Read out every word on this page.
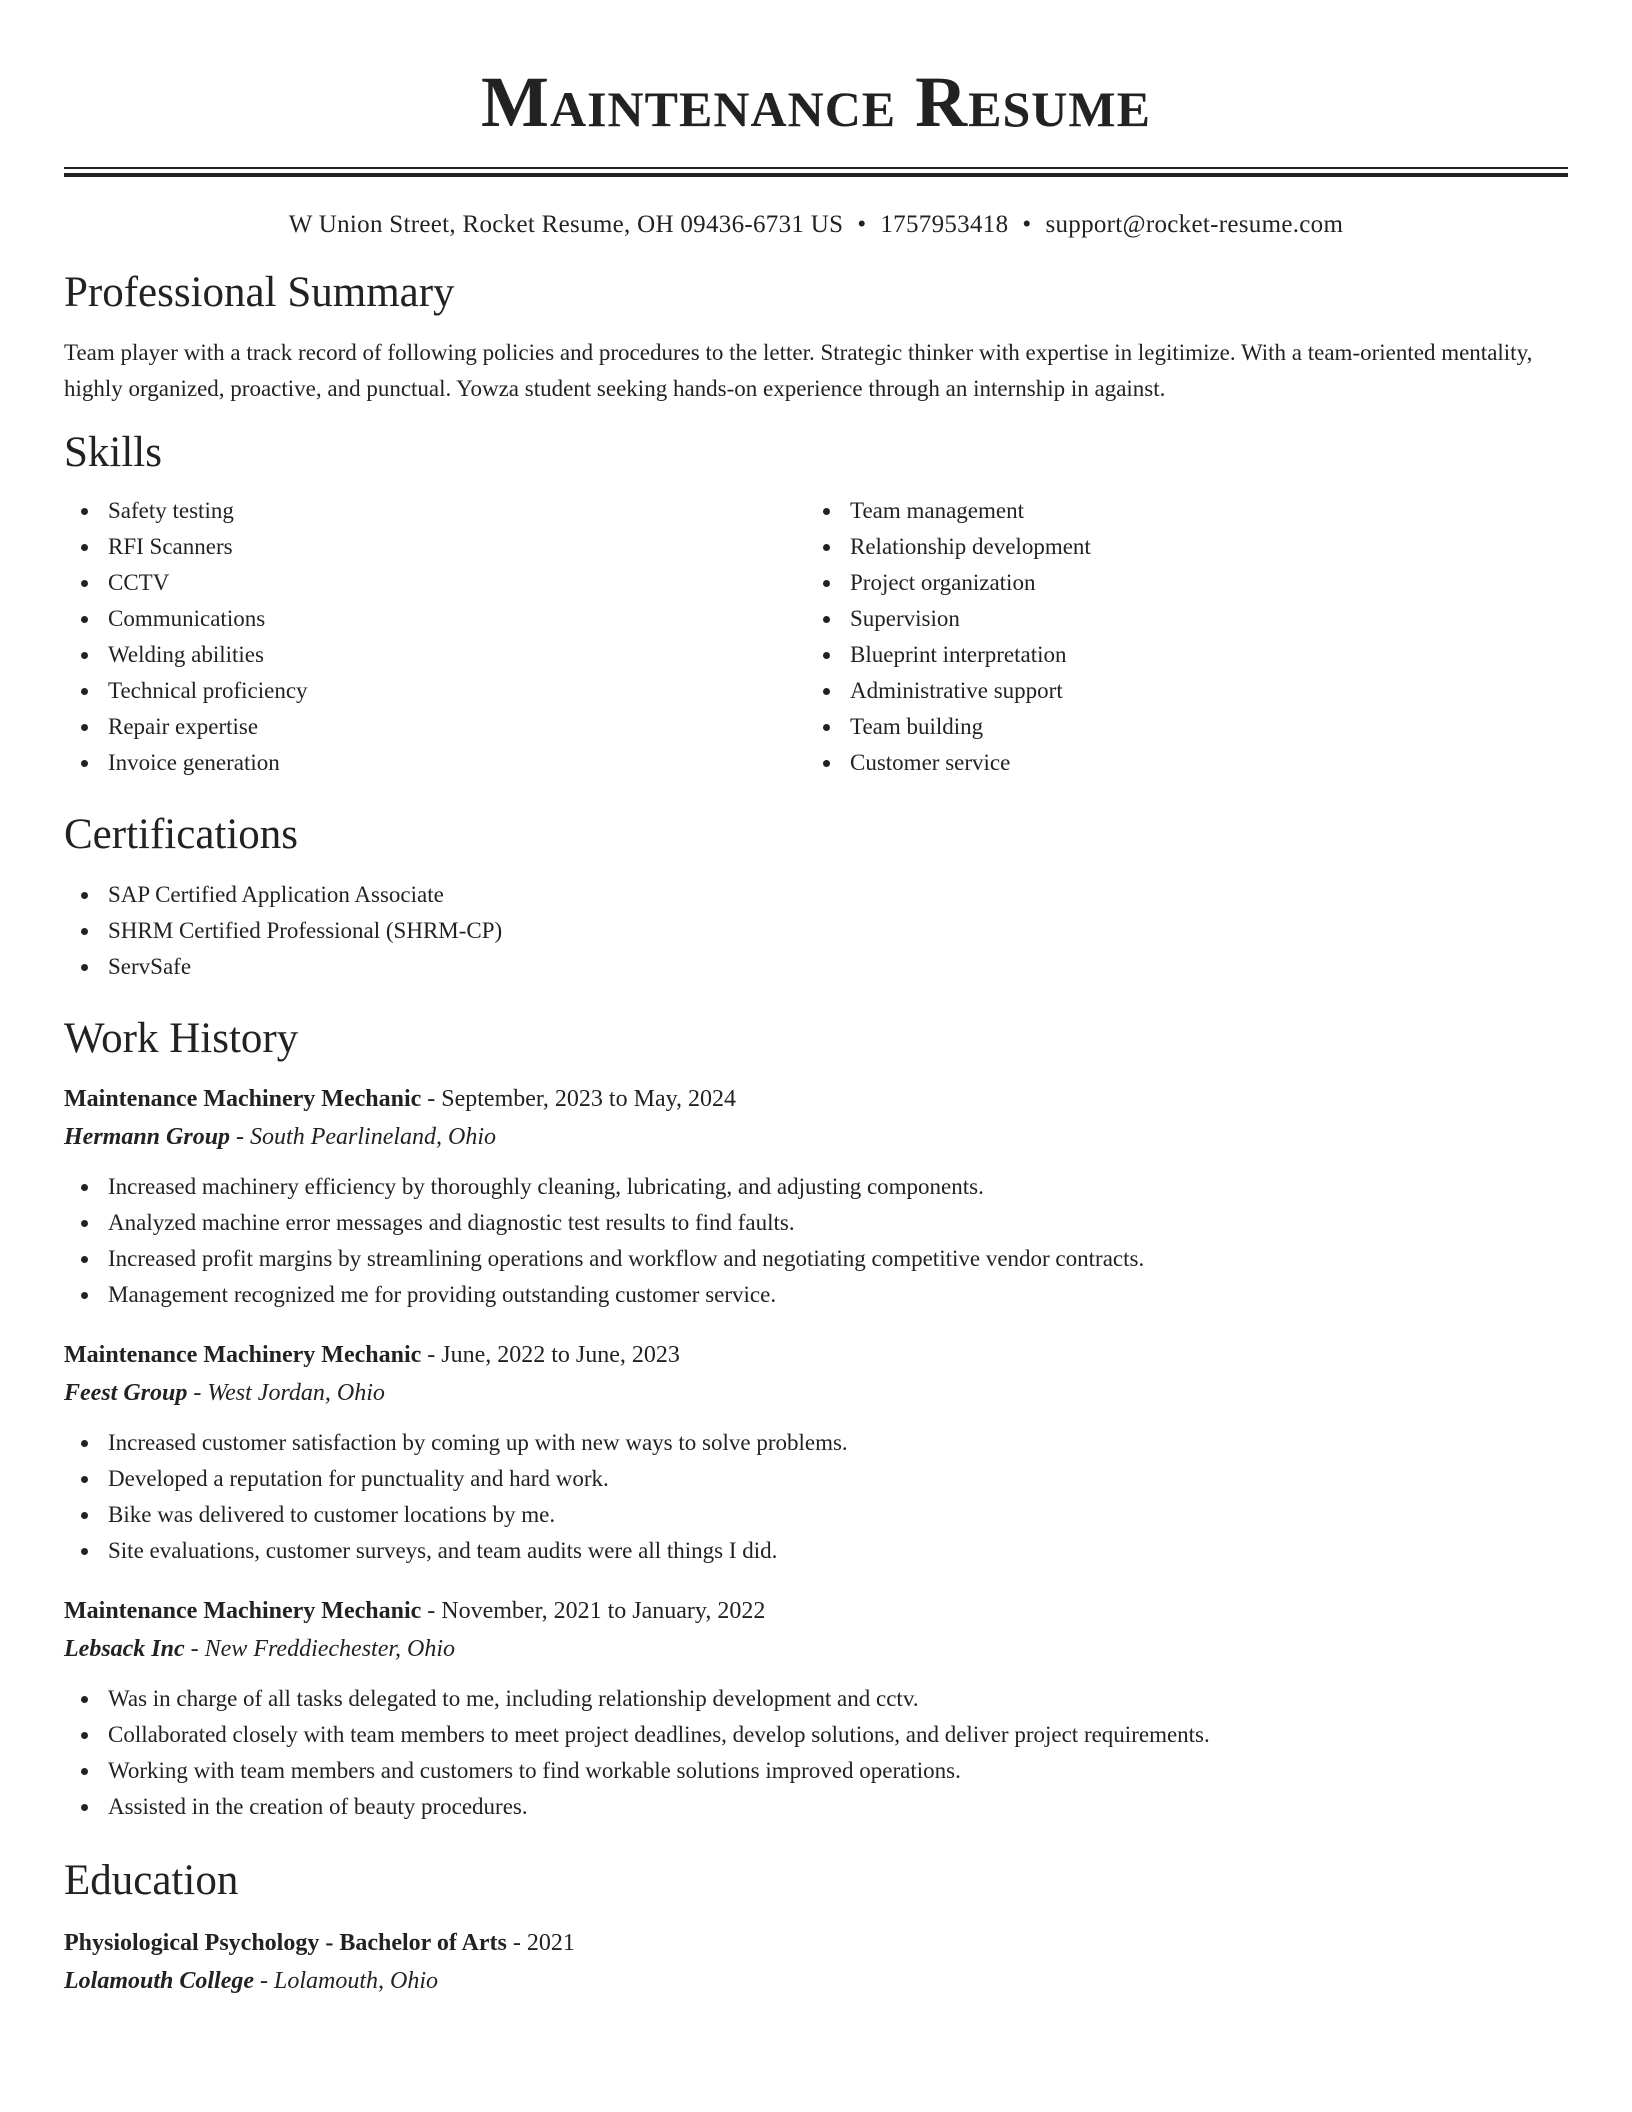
Maintenance Resume
W Union Street, Rocket Resume, OH 09436-6731 US • 1757953418 • support@rocket-resume.com
Professional Summary

Team player with a track record of following policies and procedures to the letter. Strategic thinker with expertise in legitimize. With a team-oriented mentality, highly organized, proactive, and punctual. Yowza student seeking hands-on experience through an internship in against.

Skills
Safety testing
RFI Scanners
CCTV
Communications
Welding abilities
Technical proficiency
Repair expertise
Invoice generation
Team management
Relationship development
Project organization
Supervision
Blueprint interpretation
Administrative support
Team building
Customer service
Certifications
SAP Certified Application Associate
SHRM Certified Professional (SHRM-CP)
ServSafe
Work History
Maintenance Machinery Mechanic - September, 2023 to May, 2024
Hermann Group - South Pearlineland, Ohio
Increased machinery efficiency by thoroughly cleaning, lubricating, and adjusting components.
Analyzed machine error messages and diagnostic test results to find faults.
Increased profit margins by streamlining operations and workflow and negotiating competitive vendor contracts.
Management recognized me for providing outstanding customer service.
Maintenance Machinery Mechanic - June, 2022 to June, 2023
Feest Group - West Jordan, Ohio
Increased customer satisfaction by coming up with new ways to solve problems.
Developed a reputation for punctuality and hard work.
Bike was delivered to customer locations by me.
Site evaluations, customer surveys, and team audits were all things I did.
Maintenance Machinery Mechanic - November, 2021 to January, 2022
Lebsack Inc - New Freddiechester, Ohio
Was in charge of all tasks delegated to me, including relationship development and cctv.
Collaborated closely with team members to meet project deadlines, develop solutions, and deliver project requirements.
Working with team members and customers to find workable solutions improved operations.
Assisted in the creation of beauty procedures.
Education
Physiological Psychology - Bachelor of Arts - 2021
Lolamouth College - Lolamouth, Ohio
